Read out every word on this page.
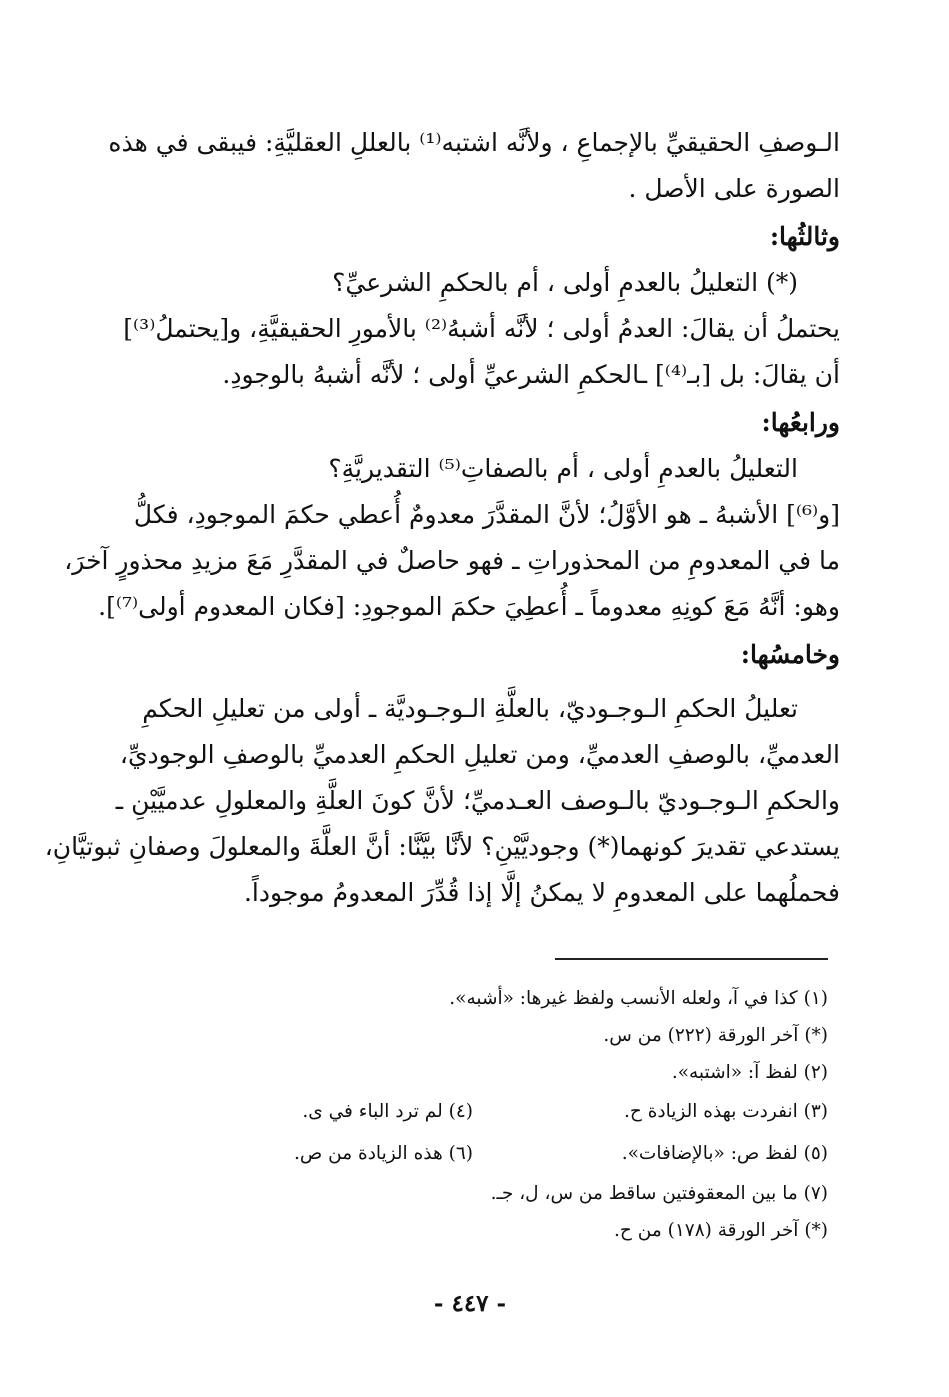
الـوصفِ الحقيقيِّ بالإجماعِ ، ولأنَّه اشتبه⁽¹⁾ بالعللِ العقليَّةِ: فيبقى في هذه
الصورة على الأصل .
وثالثُها:
(*) التعليلُ بالعدمِ أولى ، أم بالحكمِ الشرعيِّ؟
يحتملُ أن يقالَ: العدمُ أولى ؛ لأنَّه أشبهُ⁽²⁾ بالأمورِ الحقيقيَّةِ، و[يحتملُ⁽³⁾]
أن يقالَ: بل [بـ⁽⁴⁾] ـالحكمِ الشرعيِّ أولى ؛ لأنَّه أشبهُ بالوجودِ.
ورابعُها:
التعليلُ بالعدمِ أولى ، أم بالصفاتِ⁽⁵⁾ التقديريَّةِ؟
[و⁽⁶⁾] الأشبهُ ـ هو الأوَّلُ؛ لأنَّ المقدَّرَ معدومٌ أُعطي حكمَ الموجودِ، فكلُّ
ما في المعدومِ من المحذوراتِ ـ فهو حاصلٌ في المقدَّرِ مَعَ مزيدِ محذورٍ آخرَ،
وهو: أنَّهُ مَعَ كونِهِ معدوماً ـ أُعطِيَ حكمَ الموجودِ: [فكان المعدوم أولى⁽⁷⁾].
وخامسُها:
تعليلُ الحكمِ الـوجـوديّ، بالعلَّةِ الـوجـوديَّة ـ أولى من تعليلِ الحكمِ
العدميِّ، بالوصفِ العدميِّ، ومن تعليلِ الحكمِ العدميِّ بالوصفِ الوجوديِّ،
والحكمِ الـوجـوديّ بالـوصف العـدميِّ؛ لأنَّ كونَ العلَّةِ والمعلولِ عدميَّيْنِ ـ
يستدعي تقديرَ كونهما(*) وجوديَّيْنِ؟ لأنَّا بيَّنَّا: أنَّ العلَّةَ والمعلولَ وصفانِ ثبوتيَّانِ،
فحملُهما على المعدومِ لا يمكنُ إلَّا إذا قُدِّرَ المعدومُ موجوداً.
(١) كذا في آ، ولعله الأنسب ولفظ غيرها: «أشبه».
(*) آخر الورقة (٢٢٢) من س.
(٢) لفظ آ: «اشتبه».
(٣) انفردت بهذه الزيادة ح.
(٤) لم ترد الباء في ى.
(٥) لفظ ص: «بالإضافات».
(٦) هذه الزيادة من ص.
(٧) ما بين المعقوفتين ساقط من س، ل، جـ.
(*) آخر الورقة (١٧٨) من ح.
- ٤٤٧ -
